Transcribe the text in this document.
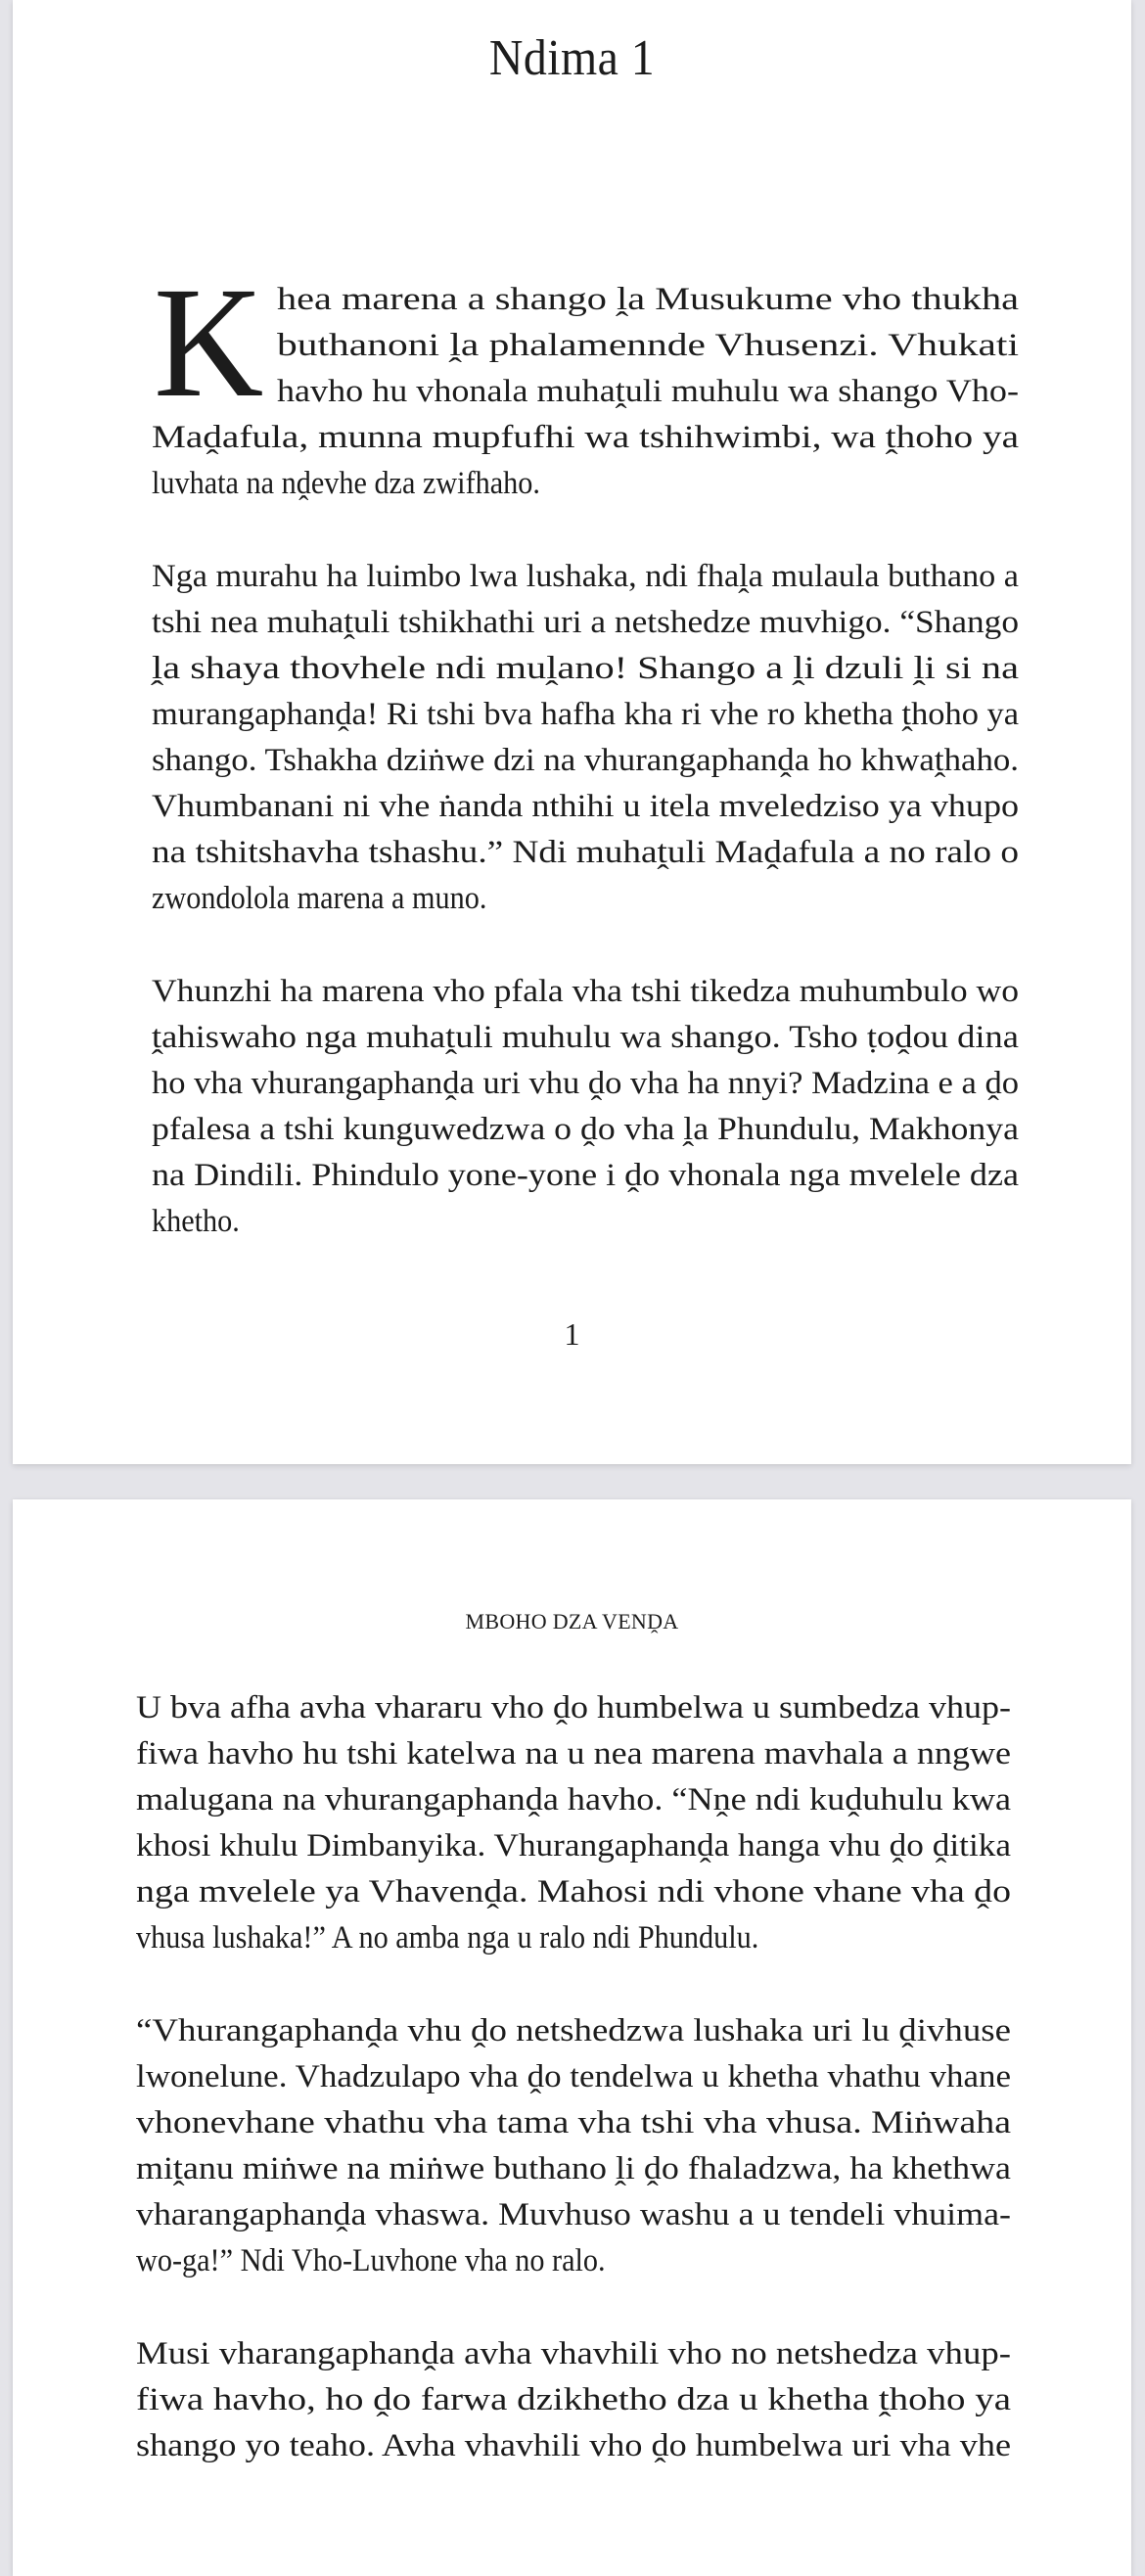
Ndima 1
K hea marena a shango ḽa Musukume vho thukha
buthanoni ḽa phalamennde Vhusenzi. Vhukati
havho hu vhonala muhaṱuli muhulu wa shango Vho-
Maḓafula, munna mupfufhi wa tshihwimbi, wa ṱhoho ya
luvhata na nḓevhe dza zwifhaho.
Nga murahu ha luimbo lwa lushaka, ndi fhaḽa mulaula buthano a
tshi nea muhaṱuli tshikhathi uri a netshedze muvhigo. “Shango
ḽa shaya thovhele ndi muḽano! Shango a ḽi dzuli ḽi si na
murangaphanḓa! Ri tshi bva hafha kha ri vhe ro khetha ṱhoho ya
shango. Tshakha dziṅwe dzi na vhurangaphanḓa ho khwaṱhaho.
Vhumbanani ni vhe ṅanda nthihi u itela mveledziso ya vhupo
na tshitshavha tshashu.” Ndi muhaṱuli Maḓafula a no ralo o
zwondolola marena a muno.
Vhunzhi ha marena vho pfala vha tshi tikedza muhumbulo wo
ṱahiswaho nga muhaṱuli muhulu wa shango. Tsho ṭoḓou dina
ho vha vhurangaphanḓa uri vhu ḓo vha ha nnyi? Madzina e a ḓo
pfalesa a tshi kunguwedzwa o ḓo vha ḽa Phundulu, Makhonya
na Dindili. Phindulo yone-yone i ḓo vhonala nga mvelele dza
khetho.
1
MBOHO DZA VENḒA
U bva afha avha vhararu vho ḓo humbelwa u sumbedza vhup-
fiwa havho hu tshi katelwa na u nea marena mavhala a nngwe
malugana na vhurangaphanḓa havho. “Nṋe ndi kuḓuhulu kwa
khosi khulu Dimbanyika. Vhurangaphanḓa hanga vhu ḓo ḓitika
nga mvelele ya Vhavenḓa. Mahosi ndi vhone vhane vha ḓo
vhusa lushaka!” A no amba nga u ralo ndi Phundulu.
“Vhurangaphanḓa vhu ḓo netshedzwa lushaka uri lu ḓivhuse
lwonelune. Vhadzulapo vha ḓo tendelwa u khetha vhathu vhane
vhonevhane vhathu vha tama vha tshi vha vhusa. Miṅwaha
miṱanu miṅwe na miṅwe buthano ḽi ḓo fhaladzwa, ha khethwa
vharangaphanḓa vhaswa. Muvhuso washu a u tendeli vhuima-
wo-ga!” Ndi Vho-Luvhone vha no ralo.
Musi vharangaphanḓa avha vhavhili vho no netshedza vhup-
fiwa havho, ho ḓo farwa dzikhetho dza u khetha ṱhoho ya
shango yo teaho. Avha vhavhili vho ḓo humbelwa uri vha vhe
